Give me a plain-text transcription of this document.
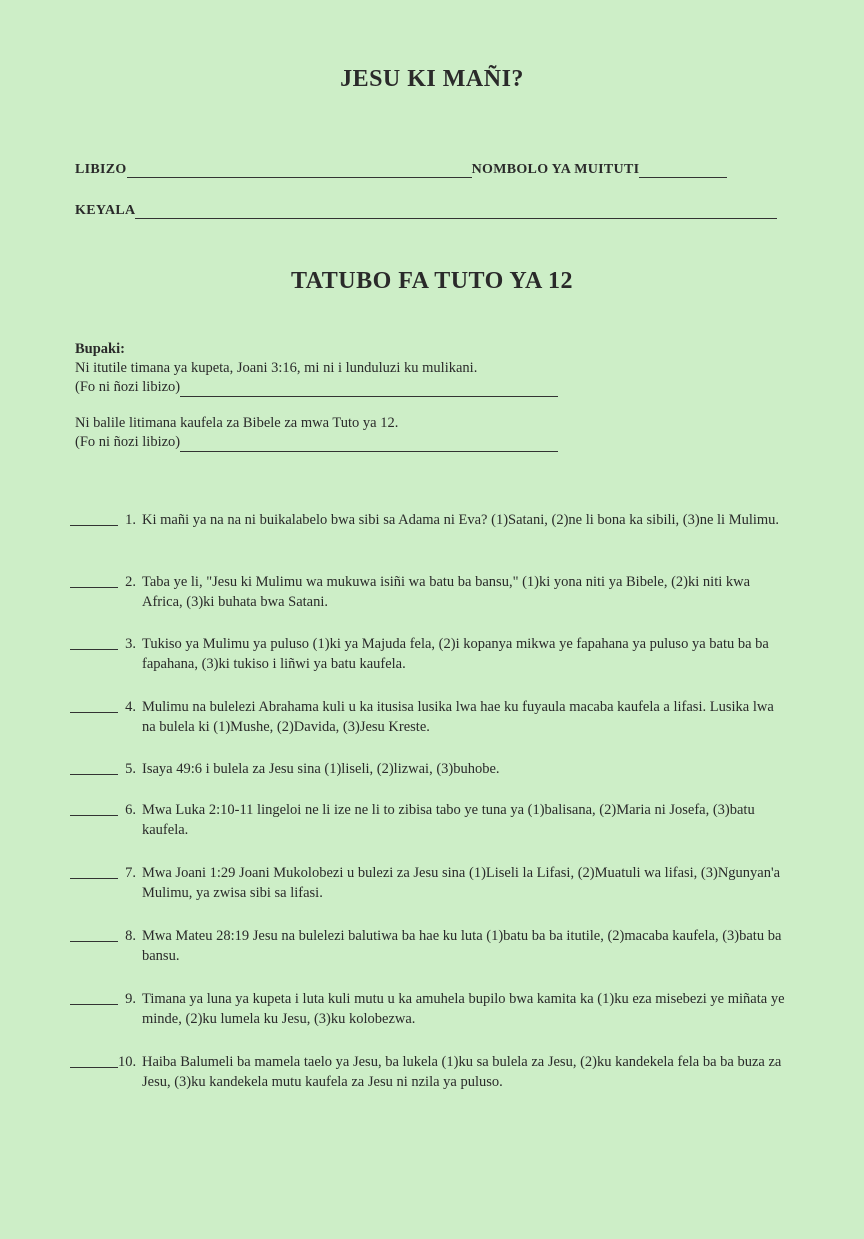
JESU KI MAÑI?
LIBIZO	NOMBOLO YA MUITUTI
KEYALA
TATUBO FA TUTO YA 12
Bupaki:
Ni itutile timana ya kupeta, Joani 3:16, mi ni i lunduluzi ku mulikani.
(Fo ni ñozi libizo)
Ni balile litimana kaufela za Bibele za mwa Tuto ya 12.
(Fo ni ñozi libizo)
1. Ki mañi ya na na ni buikalabelo bwa sibi sa Adama ni Eva? (1)Satani, (2)ne li bona ka sibili, (3)ne li Mulimu.
2. Taba ye li, "Jesu ki Mulimu wa mukuwa isiñi wa batu ba bansu," (1)ki yona niti ya Bibele, (2)ki niti kwa Africa, (3)ki buhata bwa Satani.
3. Tukiso ya Mulimu ya puluso (1)ki ya Majuda fela, (2)i kopanya mikwa ye fapahana ya puluso ya batu ba ba fapahana, (3)ki tukiso i liñwi ya batu kaufela.
4. Mulimu na bulelezi Abrahama kuli u ka itusisa lusika lwa hae ku fuyaula macaba kaufela a lifasi. Lusika lwa na bulela ki (1)Mushe, (2)Davida, (3)Jesu Kreste.
5. Isaya 49:6 i bulela za Jesu sina (1)liseli, (2)lizwai, (3)buhobe.
6. Mwa Luka 2:10-11 lingeloi ne li ize ne li to zibisa tabo ye tuna ya (1)balisana, (2)Maria ni Josefa, (3)batu kaufela.
7. Mwa Joani 1:29 Joani Mukolobezi u bulezi za Jesu sina (1)Liseli la Lifasi, (2)Muatuli wa lifasi, (3)Ngunyan'a Mulimu, ya zwisa sibi sa lifasi.
8. Mwa Mateu 28:19 Jesu na bulelezi balutiwa ba hae ku luta (1)batu ba ba itutile, (2)macaba kaufela, (3)batu ba bansu.
9. Timana ya luna ya kupeta i luta kuli mutu u ka amuhela bupilo bwa kamita ka (1)ku eza misebezi ye miñata ye minde, (2)ku lumela ku Jesu, (3)ku kolobezwa.
10. Haiba Balumeli ba mamela taelo ya Jesu, ba lukela (1)ku sa bulela za Jesu, (2)ku kandekela fela ba ba buza za Jesu, (3)ku kandekela mutu kaufela za Jesu ni nzila ya puluso.
